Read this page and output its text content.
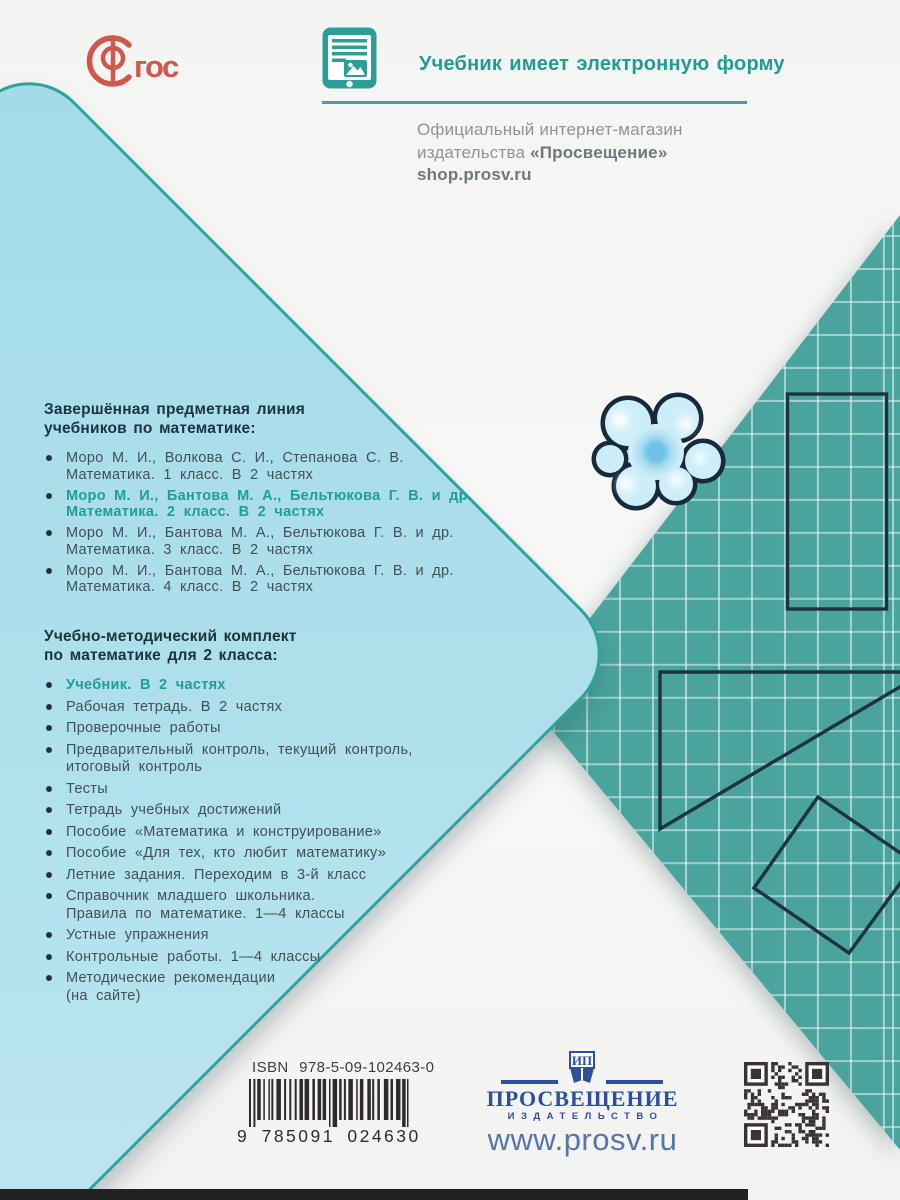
гос	Учебник имеет электронную форму
Официальный интернет-магазин
издательства «Просвещение»
shop.prosv.ru
Завершённая предметная линия
учебников по математике:
Моро М. И., Волкова С. И., Степанова С. В.
Математика. 1 класс. В 2 частях
Моро М. И., Бантова М. А., Бельтюкова Г. В. и др.
Математика. 2 класс. В 2 частях
Моро М. И., Бантова М. А., Бельтюкова Г. В. и др.
Математика. 3 класс. В 2 частях
Моро М. И., Бантова М. А., Бельтюкова Г. В. и др.
Математика. 4 класс. В 2 частях
Учебно-методический комплект
по математике для 2 класса:
Учебник. В 2 частях
Рабочая тетрадь. В 2 частях
Проверочные работы
Предварительный контроль, текущий контроль,
итоговый контроль
Тесты
Тетрадь учебных достижений
Пособие «Математика и конструирование»
Пособие «Для тех, кто любит математику»
Летние задания. Переходим в 3-й класс
Справочник младшего школьника.
Правила по математике. 1—4 классы
Устные упражнения
Контрольные работы. 1—4 классы
Методические рекомендации
(на сайте)
ISBN 978-5-09-102463-0
9 785091 024630
ИП
ПРОСВЕЩЕНИЕ
ИЗДАТЕЛЬСТВО
www.prosv.ru
